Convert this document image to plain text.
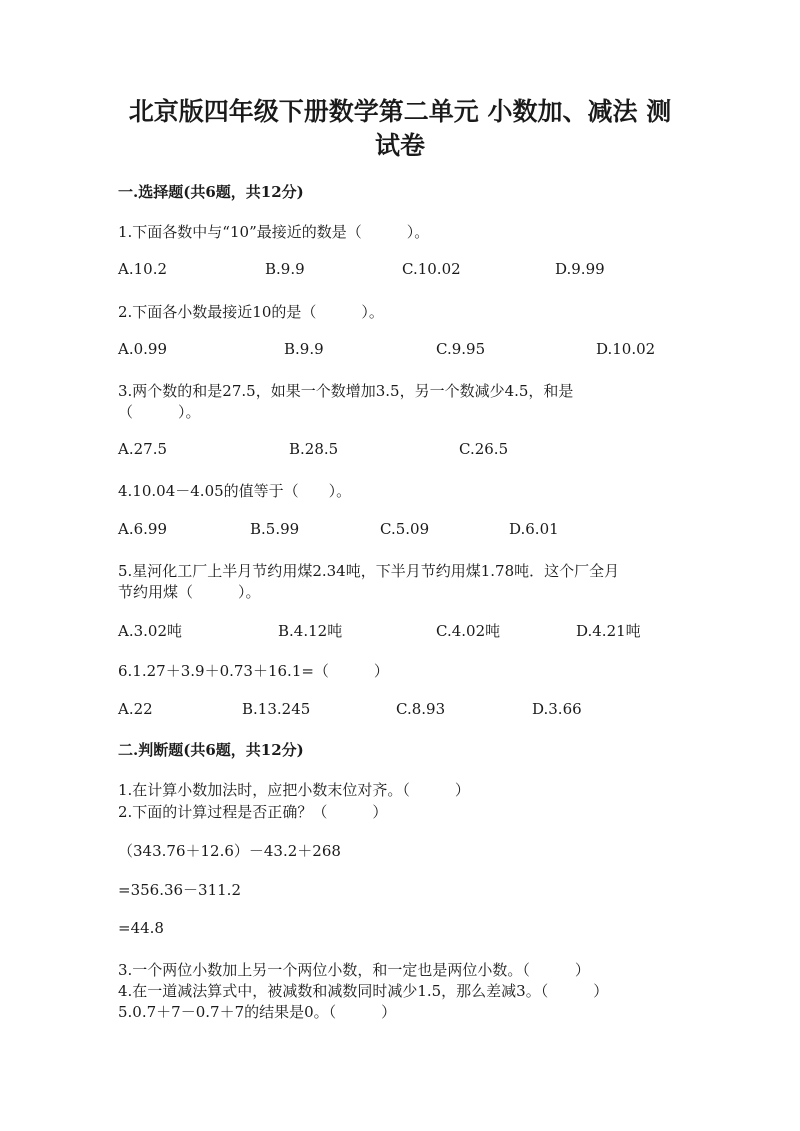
北京版四年级下册数学第二单元 小数加、减法 测
试卷
一.选择题(共6题，共12分)
1.下面各数中与“10”最接近的数是（　　　）。
A.10.2	B.9.9	C.10.02	D.9.99
2.下面各小数最接近10的是（　　　）。
A.0.99	B.9.9	C.9.95	D.10.02
3.两个数的和是27.5，如果一个数增加3.5，另一个数减少4.5，和是
（　　　）。
A.27.5	B.28.5	C.26.5
4.10.04－4.05的值等于（　　）。
A.6.99	B.5.99	C.5.09	D.6.01
5.星河化工厂上半月节约用煤2.34吨，下半月节约用煤1.78吨．这个厂全月
节约用煤（　　　）。
A.3.02吨	B.4.12吨	C.4.02吨	D.4.21吨
6.1.27＋3.9＋0.73＋16.1=（　　　）
A.22	B.13.245	C.8.93	D.3.66
二.判断题(共6题，共12分)
1.在计算小数加法时，应把小数末位对齐。（　　　）
2.下面的计算过程是否正确？（　　　）
（343.76＋12.6）－43.2＋268
=356.36－311.2
=44.8
3.一个两位小数加上另一个两位小数，和一定也是两位小数。（　　　）
4.在一道减法算式中，被减数和减数同时减少1.5，那么差减3。（　　　）
5.0.7＋7－0.7＋7的结果是0。（　　　）
